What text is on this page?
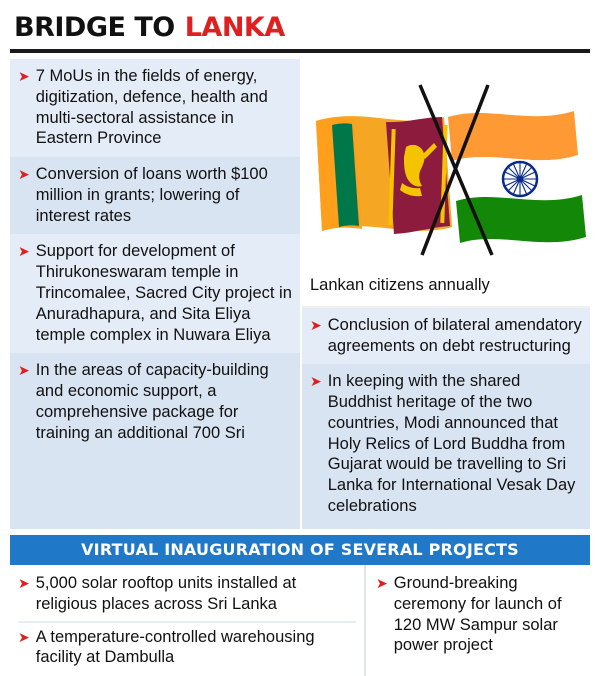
BRIDGE TO LANKA
➤ 7 MoUs in the fields of energy, digitization, defence, health and multi-sectoral assistance in Eastern Province
➤ Conversion of loans worth $100 million in grants; lowering of interest rates
➤ Support for development of Thirukoneswaram temple in Trincomalee, Sacred City project in Anuradhapura, and Sita Eliya temple complex in Nuwara Eliya
➤ In the areas of capacity-building and economic support, a comprehensive package for training an additional 700 Sri
Lankan citizens annually
➤ Conclusion of bilateral amendatory agreements on debt restructuring
➤ In keeping with the shared Buddhist heritage of the two countries, Modi announced that Holy Relics of Lord Buddha from Gujarat would be travelling to Sri Lanka for International Vesak Day celebrations
VIRTUAL INAUGURATION OF SEVERAL PROJECTS
➤ 5,000 solar rooftop units installed at religious places across Sri Lanka
➤ A temperature-controlled warehousing facility at Dambulla
➤ Ground-breaking ceremony for launch of 120 MW Sampur solar power project
